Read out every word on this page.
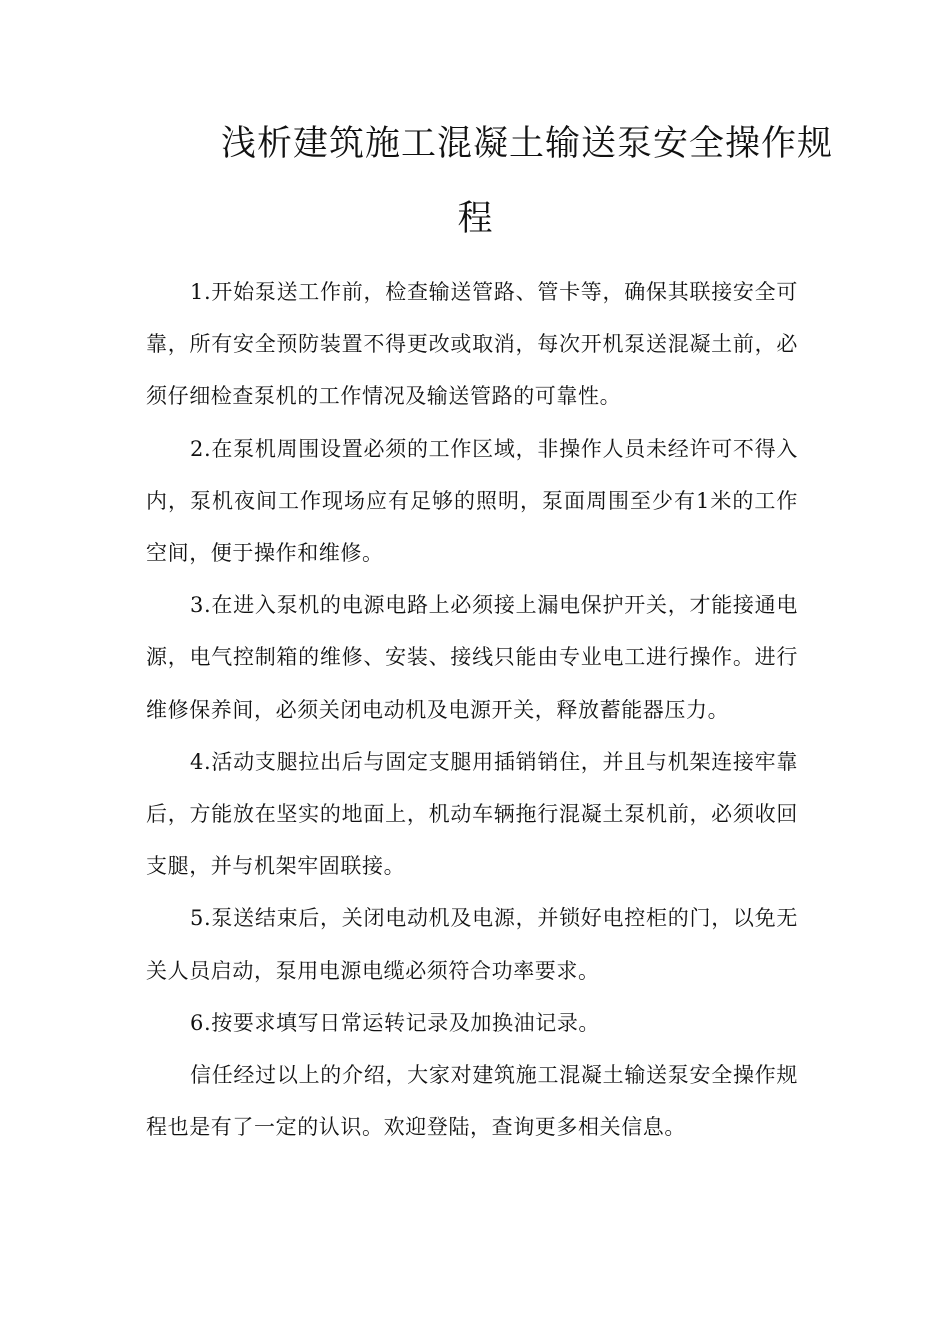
浅析建筑施工混凝土输送泵安全操作规
程

1.开始泵送工作前，检查输送管路、管卡等，确保其联接安全可靠，所有安全预防装置不得更改或取消，每次开机泵送混凝土前，必须仔细检查泵机的工作情况及输送管路的可靠性。

2.在泵机周围设置必须的工作区域，非操作人员未经许可不得入内，泵机夜间工作现场应有足够的照明，泵面周围至少有1米的工作空间，便于操作和维修。

3.在进入泵机的电源电路上必须接上漏电保护开关，才能接通电源，电气控制箱的维修、安装、接线只能由专业电工进行操作。进行维修保养间，必须关闭电动机及电源开关，释放蓄能器压力。

4.活动支腿拉出后与固定支腿用插销销住，并且与机架连接牢靠后，方能放在坚实的地面上，机动车辆拖行混凝土泵机前，必须收回支腿，并与机架牢固联接。

5.泵送结束后，关闭电动机及电源，并锁好电控柜的门，以免无关人员启动，泵用电源电缆必须符合功率要求。

6.按要求填写日常运转记录及加换油记录。

信任经过以上的介绍，大家对建筑施工混凝土输送泵安全操作规程也是有了一定的认识。欢迎登陆，查询更多相关信息。
